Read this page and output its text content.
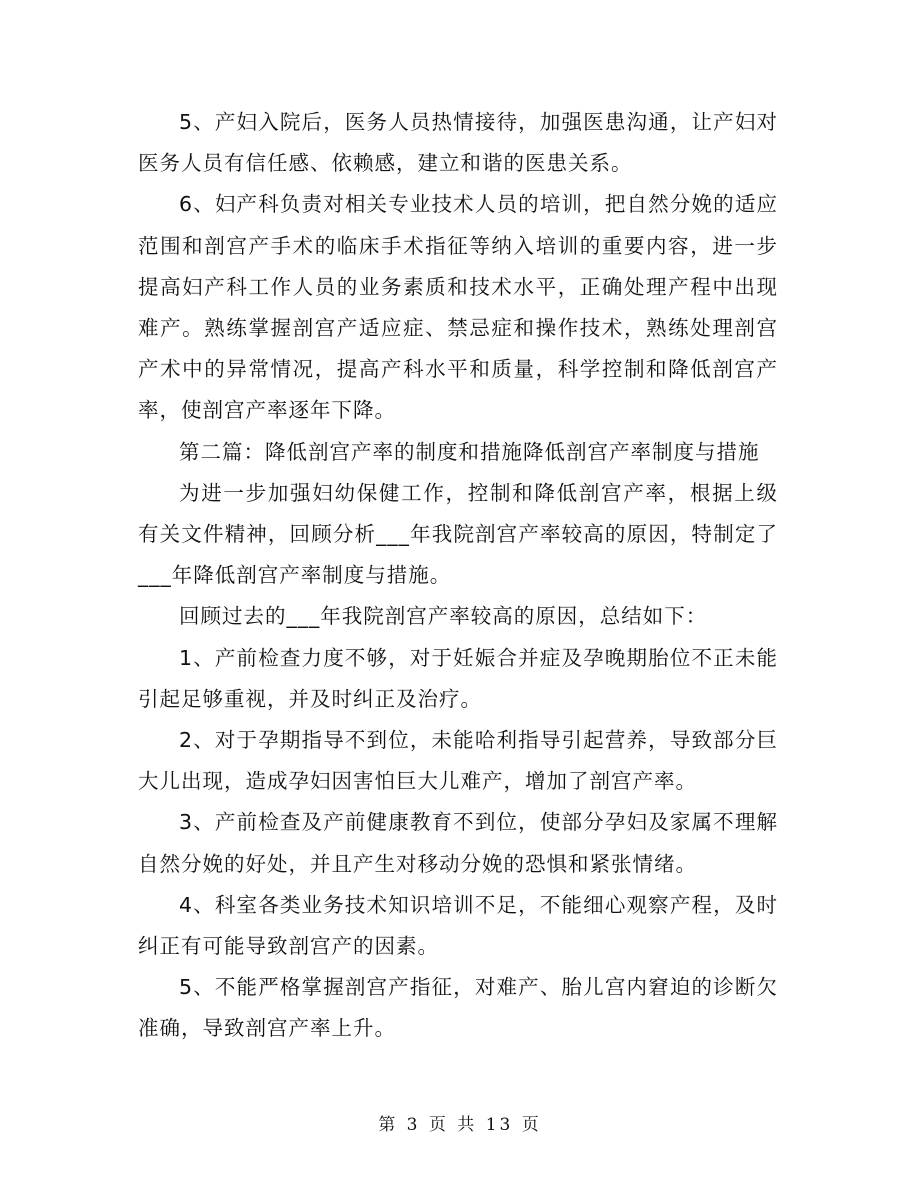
5、产妇入院后，医务人员热情接待，加强医患沟通，让产妇对医务人员有信任感、依赖感，建立和谐的医患关系。

6、妇产科负责对相关专业技术人员的培训，把自然分娩的适应范围和剖宫产手术的临床手术指征等纳入培训的重要内容，进一步提高妇产科工作人员的业务素质和技术水平，正确处理产程中出现难产。熟练掌握剖宫产适应症、禁忌症和操作技术，熟练处理剖宫产术中的异常情况，提高产科水平和质量，科学控制和降低剖宫产率，使剖宫产率逐年下降。

第二篇：降低剖宫产率的制度和措施降低剖宫产率制度与措施

为进一步加强妇幼保健工作，控制和降低剖宫产率，根据上级有关文件精神，回顾分析___年我院剖宫产率较高的原因，特制定了___年降低剖宫产率制度与措施。

回顾过去的___年我院剖宫产率较高的原因，总结如下：

1、产前检查力度不够，对于妊娠合并症及孕晚期胎位不正未能引起足够重视，并及时纠正及治疗。

2、对于孕期指导不到位，未能哈利指导引起营养，导致部分巨大儿出现，造成孕妇因害怕巨大儿难产，增加了剖宫产率。

3、产前检查及产前健康教育不到位，使部分孕妇及家属不理解自然分娩的好处，并且产生对移动分娩的恐惧和紧张情绪。

4、科室各类业务技术知识培训不足，不能细心观察产程，及时纠正有可能导致剖宫产的因素。

5、不能严格掌握剖宫产指征，对难产、胎儿宫内窘迫的诊断欠准确，导致剖宫产率上升。

第 3 页 共 13 页
